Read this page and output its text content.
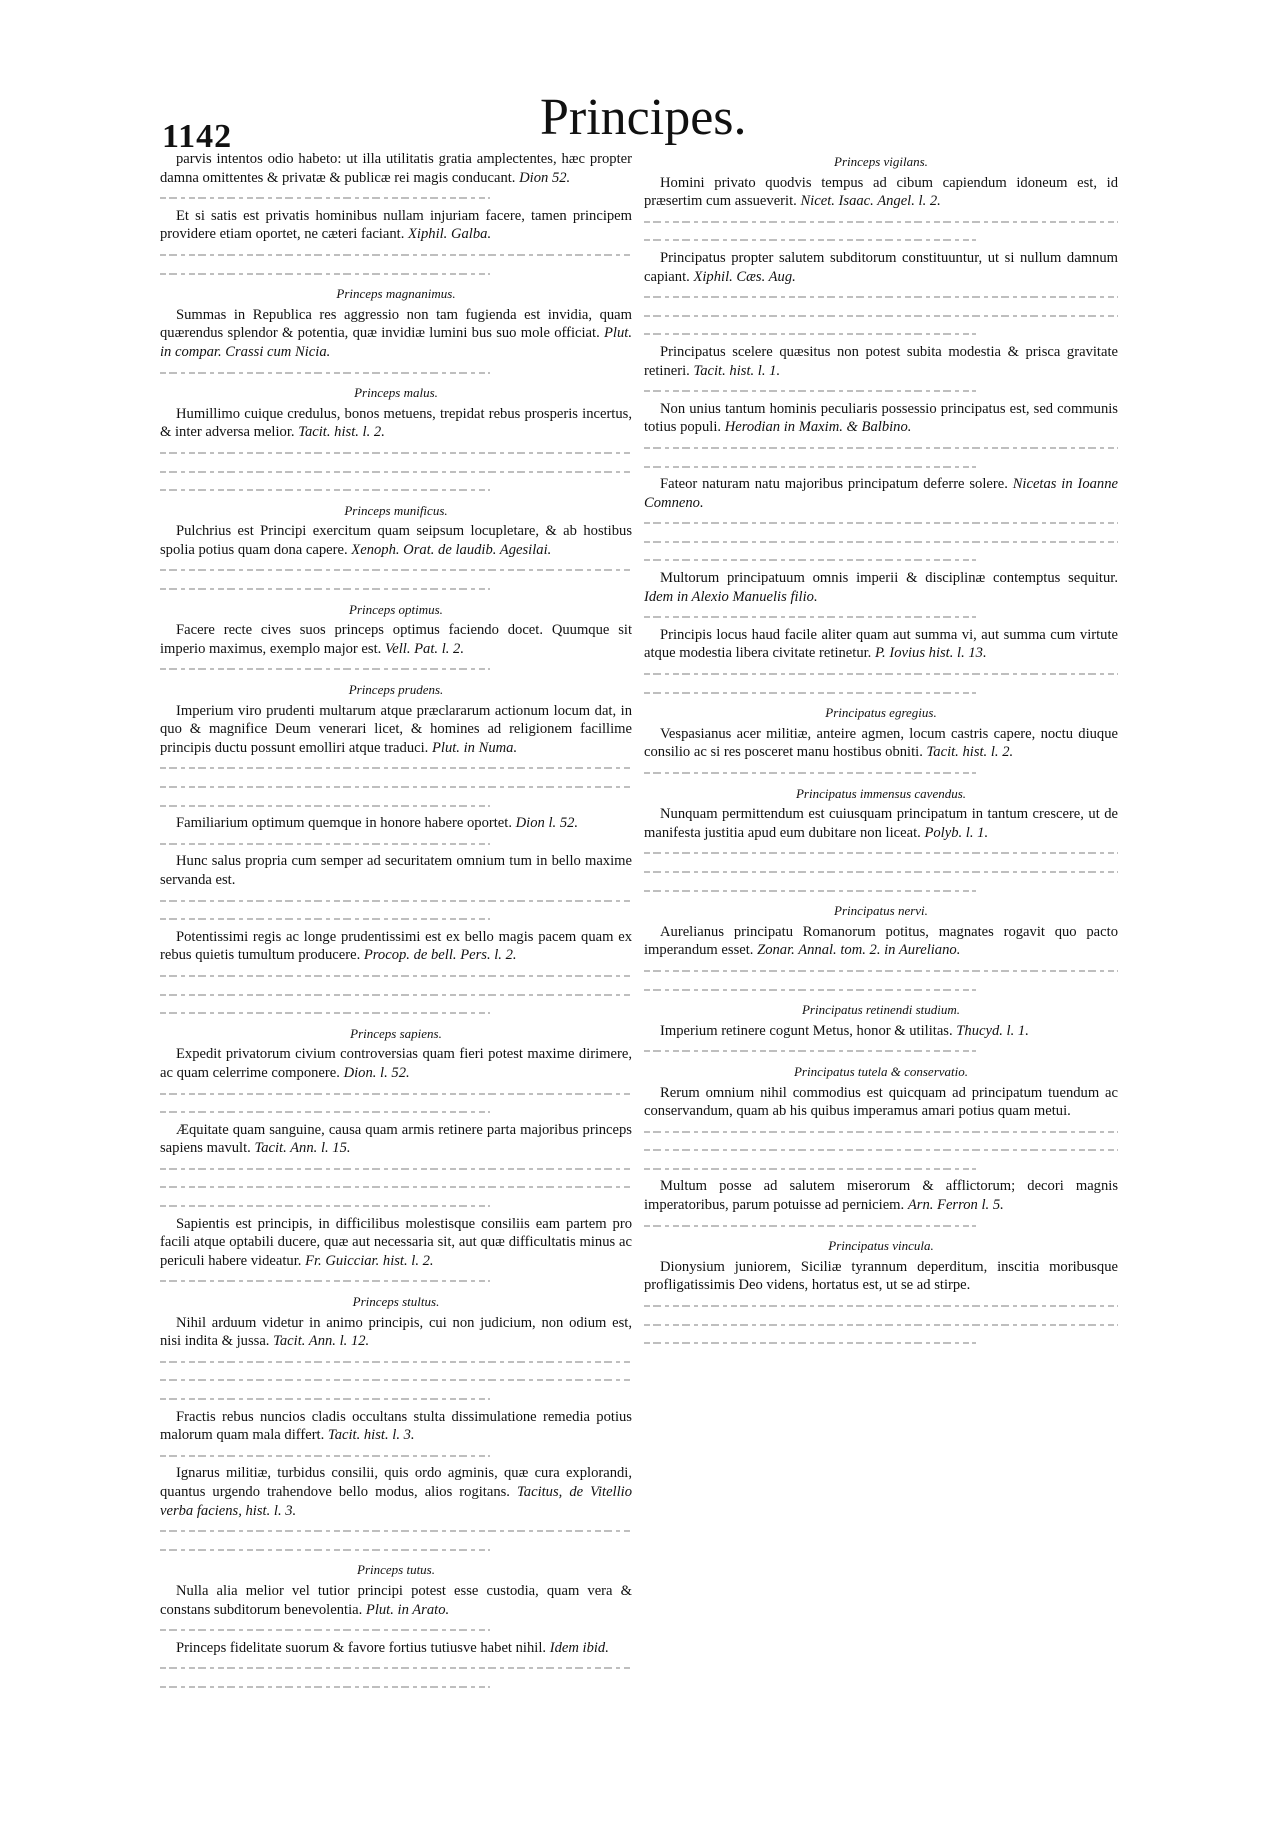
1142	Principes.

parvis intentos odio habeto: ut illa utilitatis gratia amplectentes, hæc propter damna omittentes & privatæ & publicæ rei magis conducant. Dion 52.

Et si satis est privatis hominibus nullam injuriam facere, tamen principem providere etiam oportet, ne cæteri faciant. Xiphil. Galba.

Princeps magnanimus.

Summas in Republica res aggressio non tam fugienda est invidia, quam quærendus splendor & potentia, quæ invidiæ lumini bus suo mole officiat. Plut. in compar. Crassi cum Nicia.

Princeps malus.

Humillimo cuique credulus, bonos metuens, trepidat rebus prosperis incertus, & inter adversa melior. Tacit. hist. l. 2.

Princeps munificus.

Pulchrius est Principi exercitum quam seipsum locupletare, & ab hostibus spolia potius quam dona capere. Xenoph. Orat. de laudib. Agesilai.

Princeps optimus.

Facere recte cives suos princeps optimus faciendo docet. Quumque sit imperio maximus, exemplo major est. Vell. Pat. l. 2.

Princeps prudens.

Imperium viro prudenti multarum atque præclararum actionum locum dat, in quo & magnifice Deum venerari licet, & homines ad religionem facillime principis ductu possunt emolliri atque traduci. Plut. in Numa.

Familiarium optimum quemque in honore habere oportet. Dion l. 52.

Hunc salus propria cum semper ad securitatem omnium tum in bello maxime servanda est.

Potentissimi regis ac longe prudentissimi est ex bello magis pacem quam ex rebus quietis tumultum producere. Procop. de bell. Pers. l. 2.

Princeps sapiens.

Expedit privatorum civium controversias quam fieri potest maxime dirimere, ac quam celerrime componere. Dion. l. 52.

Æquitate quam sanguine, causa quam armis retinere parta majoribus princeps sapiens mavult. Tacit. Ann. l. 15.

Sapientis est principis, in difficilibus molestisque consiliis eam partem pro facili atque optabili ducere, quæ aut necessaria sit, aut quæ difficultatis minus ac periculi habere videatur. Fr. Guicciar. hist. l. 2.

Princeps stultus.

Nihil arduum videtur in animo principis, cui non judicium, non odium est, nisi indita & jussa. Tacit. Ann. l. 12.

Fractis rebus nuncios cladis occultans stulta dissimulatione remedia potius malorum quam mala differt. Tacit. hist. l. 3.

Ignarus militiæ, turbidus consilii, quis ordo agminis, quæ cura explorandi, quantus urgendo trahendove bello modus, alios rogitans. Tacitus, de Vitellio verba faciens, hist. l. 3.

Princeps tutus.

Nulla alia melior vel tutior principi potest esse custodia, quam vera & constans subditorum benevolentia. Plut. in Arato.

Princeps fidelitate suorum & favore fortius tutiusve habet nihil. Idem ibid.

Princeps vigilans.

Homini privato quodvis tempus ad cibum capiendum idoneum est, id præsertim cum assueverit. Nicet. Isaac. Angel. l. 2.

Principatus propter salutem subditorum constituuntur, ut si nullum damnum capiant. Xiphil. Cæs. Aug.

Principatus scelere quæsitus non potest subita modestia & prisca gravitate retineri. Tacit. hist. l. 1.

Non unius tantum hominis peculiaris possessio principatus est, sed communis totius populi. Herodian in Maxim. & Balbino.

Fateor naturam natu majoribus principatum deferre solere. Nicetas in Ioanne Comneno.

Multorum principatuum omnis imperii & disciplinæ contemptus sequitur. Idem in Alexio Manuelis filio.

Principis locus haud facile aliter quam aut summa vi, aut summa cum virtute atque modestia libera civitate retinetur. P. Iovius hist. l. 13.

Principatus egregius.

Vespasianus acer militiæ, anteire agmen, locum castris capere, noctu diuque consilio ac si res posceret manu hostibus obniti. Tacit. hist. l. 2.

Principatus immensus cavendus.

Nunquam permittendum est cuiusquam principatum in tantum crescere, ut de manifesta justitia apud eum dubitare non liceat. Polyb. l. 1.

Principatus nervi.

Aurelianus principatu Romanorum potitus, magnates rogavit quo pacto imperandum esset. Zonar. Annal. tom. 2. in Aureliano.

Principatus retinendi studium.

Imperium retinere cogunt Metus, honor & utilitas. Thucyd. l. 1.

Principatus tutela & conservatio.

Rerum omnium nihil commodius est quicquam ad principatum tuendum ac conservandum, quam ab his quibus imperamus amari potius quam metui.

Multum posse ad salutem miserorum & afflictorum; decori magnis imperatoribus, parum potuisse ad perniciem. Arn. Ferron l. 5.

Principatus vincula.

Dionysium juniorem, Siciliæ tyrannum deperditum, inscitia moribusque profligatissimis Deo videns, hortatus est, ut se ad stirpe.
